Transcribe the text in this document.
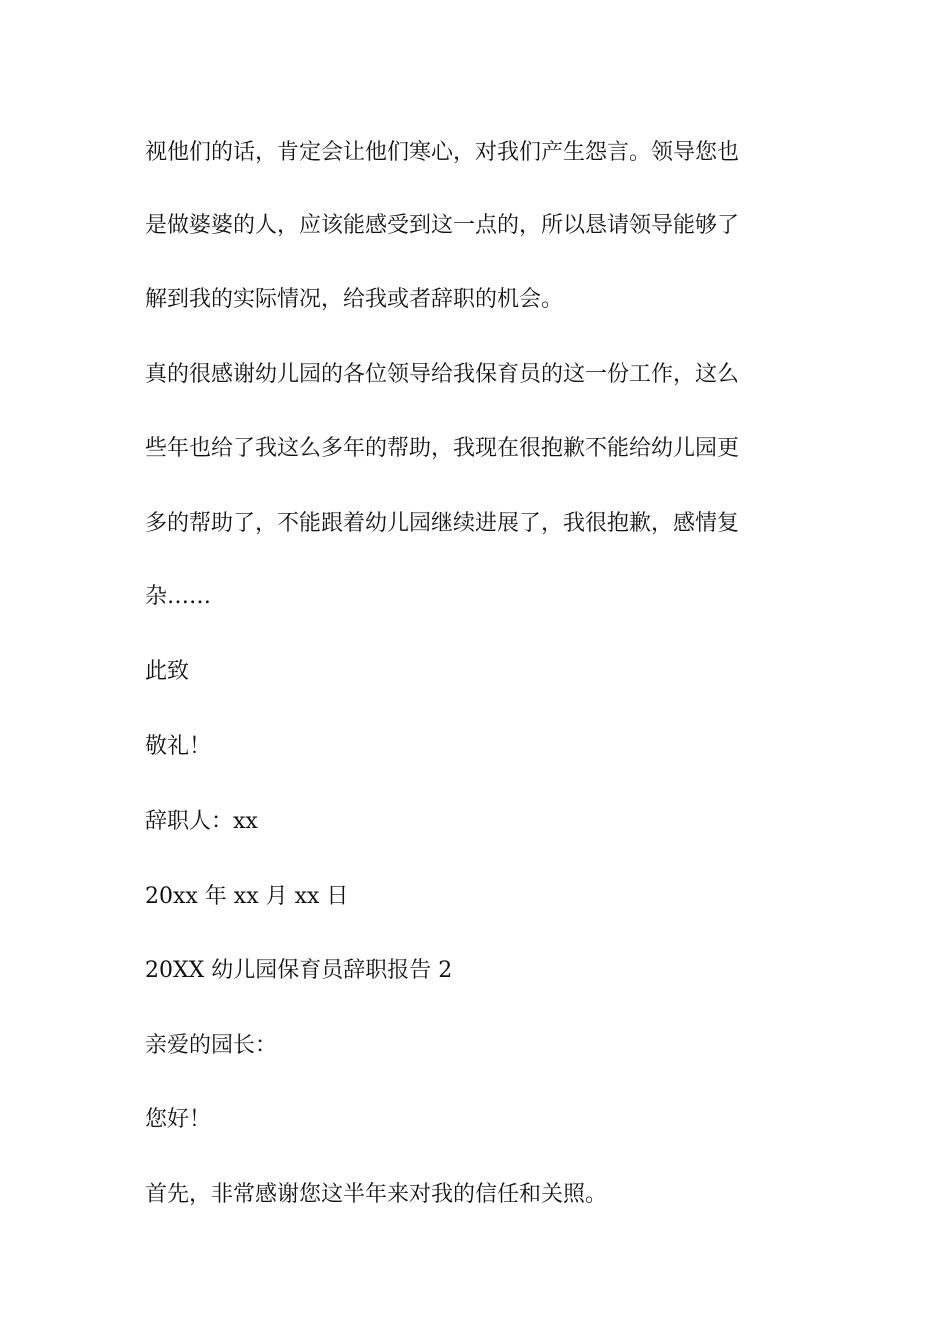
视他们的话，肯定会让他们寒心，对我们产生怨言。领导您也
是做婆婆的人，应该能感受到这一点的，所以恳请领导能够了
解到我的实际情况，给我或者辞职的机会。
真的很感谢幼儿园的各位领导给我保育员的这一份工作，这么
些年也给了我这么多年的帮助，我现在很抱歉不能给幼儿园更
多的帮助了，不能跟着幼儿园继续进展了，我很抱歉，感情复
杂……
此致
敬礼！
辞职人：xx
20xx 年 xx 月 xx 日
20XX 幼儿园保育员辞职报告 2
亲爱的园长：
您好！
首先，非常感谢您这半年来对我的信任和关照。
